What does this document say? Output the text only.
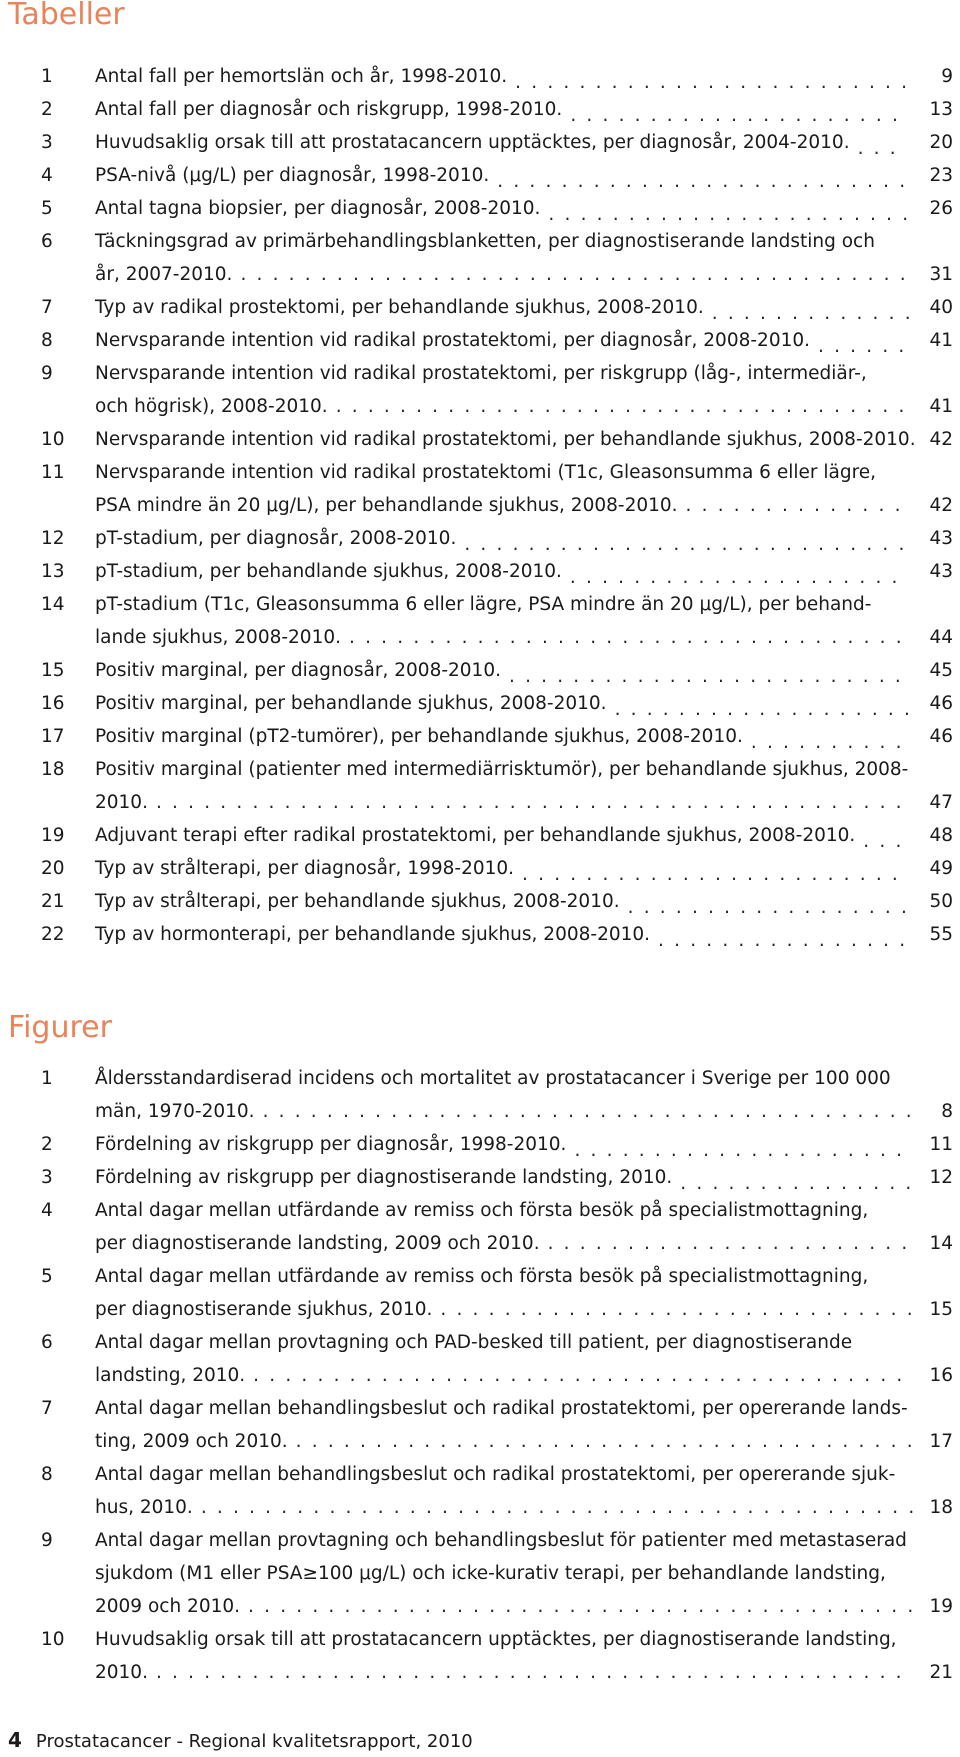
Tabeller
1 Antal fall per hemortslän och år, 1998-2010. ......................... 9
2 Antal fall per diagnosår och riskgrupp, 1998-2010. ..................... 13
3 Huvudsaklig orsak till att prostatacancern upptäcktes, per diagnosår, 2004-2010. ... 20
4 PSA-nivå (μg/L) per diagnosår, 1998-2010. .......................... 23
5 Antal tagna biopsier, per diagnosår, 2008-2010. ....................... 26
6 Täckningsgrad av primärbehandlingsblanketten, per diagnostiserande landsting och
år, 2007-2010. .......................................... 31
7 Typ av radikal prostektomi, per behandlande sjukhus, 2008-2010. ............. 40
8 Nervsparande intention vid radikal prostatektomi, per diagnosår, 2008-2010. ...... 41
9 Nervsparande intention vid radikal prostatektomi, per riskgrupp (låg-, intermediär-,
och högrisk), 2008-2010. .................................... 41
10 Nervsparande intention vid radikal prostatektomi, per behandlande sjukhus, 2008-2010. 42
11 Nervsparande intention vid radikal prostatektomi (T1c, Gleasonsumma 6 eller lägre,
PSA mindre än 20 μg/L), per behandlande sjukhus, 2008-2010. .............. 42
12 pT-stadium, per diagnosår, 2008-2010. ............................ 43
13 pT-stadium, per behandlande sjukhus, 2008-2010. ..................... 43
14 pT-stadium (T1c, Gleasonsumma 6 eller lägre, PSA mindre än 20 μg/L), per behand-
lande sjukhus, 2008-2010. ................................... 44
15 Positiv marginal, per diagnosår, 2008-2010. ......................... 45
16 Positiv marginal, per behandlande sjukhus, 2008-2010. ................... 46
17 Positiv marginal (pT2-tumörer), per behandlande sjukhus, 2008-2010. .......... 46
18 Positiv marginal (patienter med intermediärrisktumör), per behandlande sjukhus, 2008-
2010. ............................................... 47
19 Adjuvant terapi efter radikal prostatektomi, per behandlande sjukhus, 2008-2010. ... 48
20 Typ av strålterapi, per diagnosår, 1998-2010. ........................ 49
21 Typ av strålterapi, per behandlande sjukhus, 2008-2010. .................. 50
22 Typ av hormonterapi, per behandlande sjukhus, 2008-2010. ................ 55
Figurer
1 Åldersstandardiserad incidens och mortalitet av prostatacancer i Sverige per 100 000
män, 1970-2010. ......................................... 8
2 Fördelning av riskgrupp per diagnosår, 1998-2010. ..................... 11
3 Fördelning av riskgrupp per diagnostiserande landsting, 2010. ............... 12
4 Antal dagar mellan utfärdande av remiss och första besök på specialistmottagning,
per diagnostiserande landsting, 2009 och 2010. ....................... 14
5 Antal dagar mellan utfärdande av remiss och första besök på specialistmottagning,
per diagnostiserande sjukhus, 2010. .............................. 15
6 Antal dagar mellan provtagning och PAD-besked till patient, per diagnostiserande
landsting, 2010. ......................................... 16
7 Antal dagar mellan behandlingsbeslut och radikal prostatektomi, per opererande lands-
ting, 2009 och 2010. ....................................... 17
8 Antal dagar mellan behandlingsbeslut och radikal prostatektomi, per opererande sjuk-
hus, 2010. ............................................. 18
9 Antal dagar mellan provtagning och behandlingsbeslut för patienter med metastaserad
sjukdom (M1 eller PSA≥100 μg/L) och icke-kurativ terapi, per behandlande landsting,
2009 och 2010. .......................................... 19
10 Huvudsaklig orsak till att prostatacancern upptäcktes, per diagnostiserande landsting,
2010. ............................................... 21
4 Prostatacancer - Regional kvalitetsrapport, 2010
